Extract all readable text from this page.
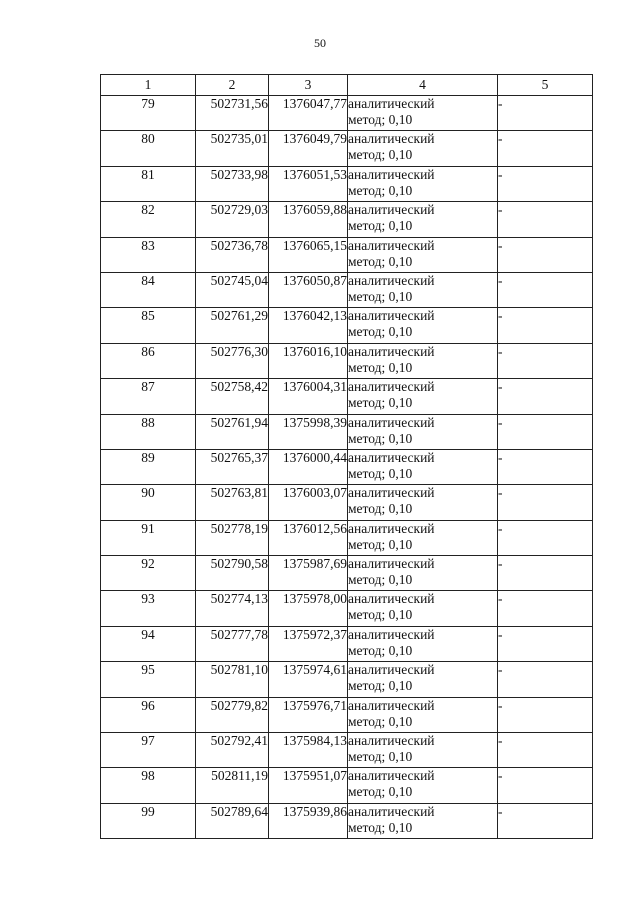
50
1	2	3	4	5
79	502731,56	1376047,77	аналитический
метод; 0,10	-
80	502735,01	1376049,79	аналитический
метод; 0,10	-
81	502733,98	1376051,53	аналитический
метод; 0,10	-
82	502729,03	1376059,88	аналитический
метод; 0,10	-
83	502736,78	1376065,15	аналитический
метод; 0,10	-
84	502745,04	1376050,87	аналитический
метод; 0,10	-
85	502761,29	1376042,13	аналитический
метод; 0,10	-
86	502776,30	1376016,10	аналитический
метод; 0,10	-
87	502758,42	1376004,31	аналитический
метод; 0,10	-
88	502761,94	1375998,39	аналитический
метод; 0,10	-
89	502765,37	1376000,44	аналитический
метод; 0,10	-
90	502763,81	1376003,07	аналитический
метод; 0,10	-
91	502778,19	1376012,56	аналитический
метод; 0,10	-
92	502790,58	1375987,69	аналитический
метод; 0,10	-
93	502774,13	1375978,00	аналитический
метод; 0,10	-
94	502777,78	1375972,37	аналитический
метод; 0,10	-
95	502781,10	1375974,61	аналитический
метод; 0,10	-
96	502779,82	1375976,71	аналитический
метод; 0,10	-
97	502792,41	1375984,13	аналитический
метод; 0,10	-
98	502811,19	1375951,07	аналитический
метод; 0,10	-
99	502789,64	1375939,86	аналитический
метод; 0,10	-
